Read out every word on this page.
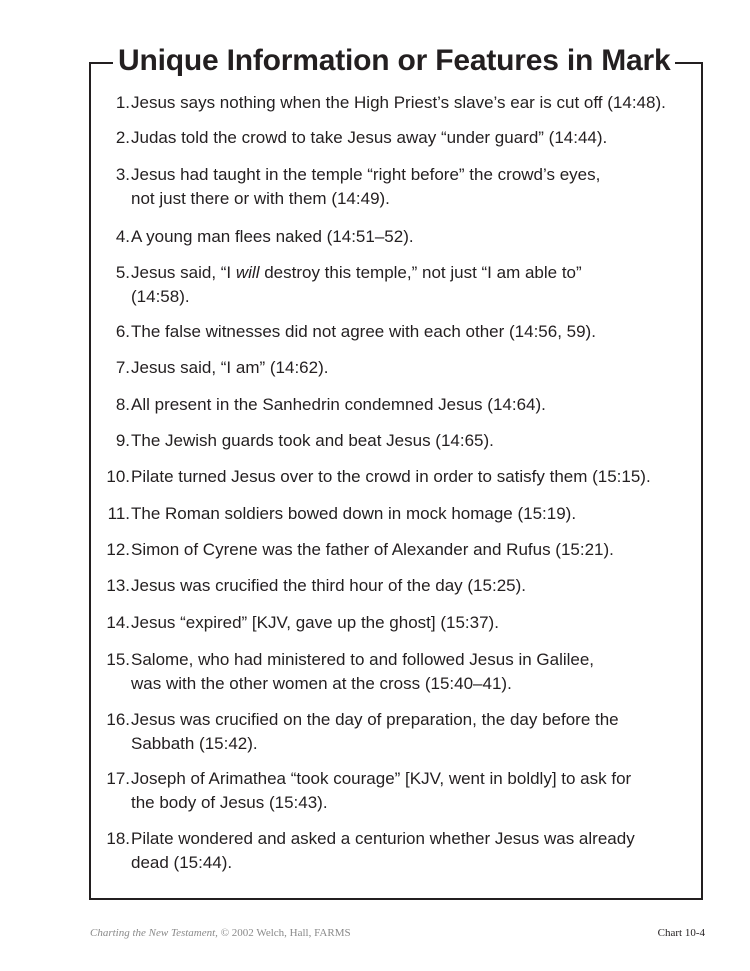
Unique Information or Features in Mark
1. Jesus says nothing when the High Priest’s slave’s ear is cut off (14:48).
2. Judas told the crowd to take Jesus away “under guard” (14:44).
3. Jesus had taught in the temple “right before” the crowd’s eyes,
not just there or with them (14:49).
4. A young man flees naked (14:51–52).
5. Jesus said, “I will destroy this temple,” not just “I am able to”
(14:58).
6. The false witnesses did not agree with each other (14:56, 59).
7. Jesus said, “I am” (14:62).
8. All present in the Sanhedrin condemned Jesus (14:64).
9. The Jewish guards took and beat Jesus (14:65).
10. Pilate turned Jesus over to the crowd in order to satisfy them (15:15).
11. The Roman soldiers bowed down in mock homage (15:19).
12. Simon of Cyrene was the father of Alexander and Rufus (15:21).
13. Jesus was crucified the third hour of the day (15:25).
14. Jesus “expired” [KJV, gave up the ghost] (15:37).
15. Salome, who had ministered to and followed Jesus in Galilee,
was with the other women at the cross (15:40–41).
16. Jesus was crucified on the day of preparation, the day before the
Sabbath (15:42).
17. Joseph of Arimathea “took courage” [KJV, went in boldly] to ask for
the body of Jesus (15:43).
18. Pilate wondered and asked a centurion whether Jesus was already
dead (15:44).
Charting the New Testament, © 2002 Welch, Hall, FARMS	Chart 10-4
